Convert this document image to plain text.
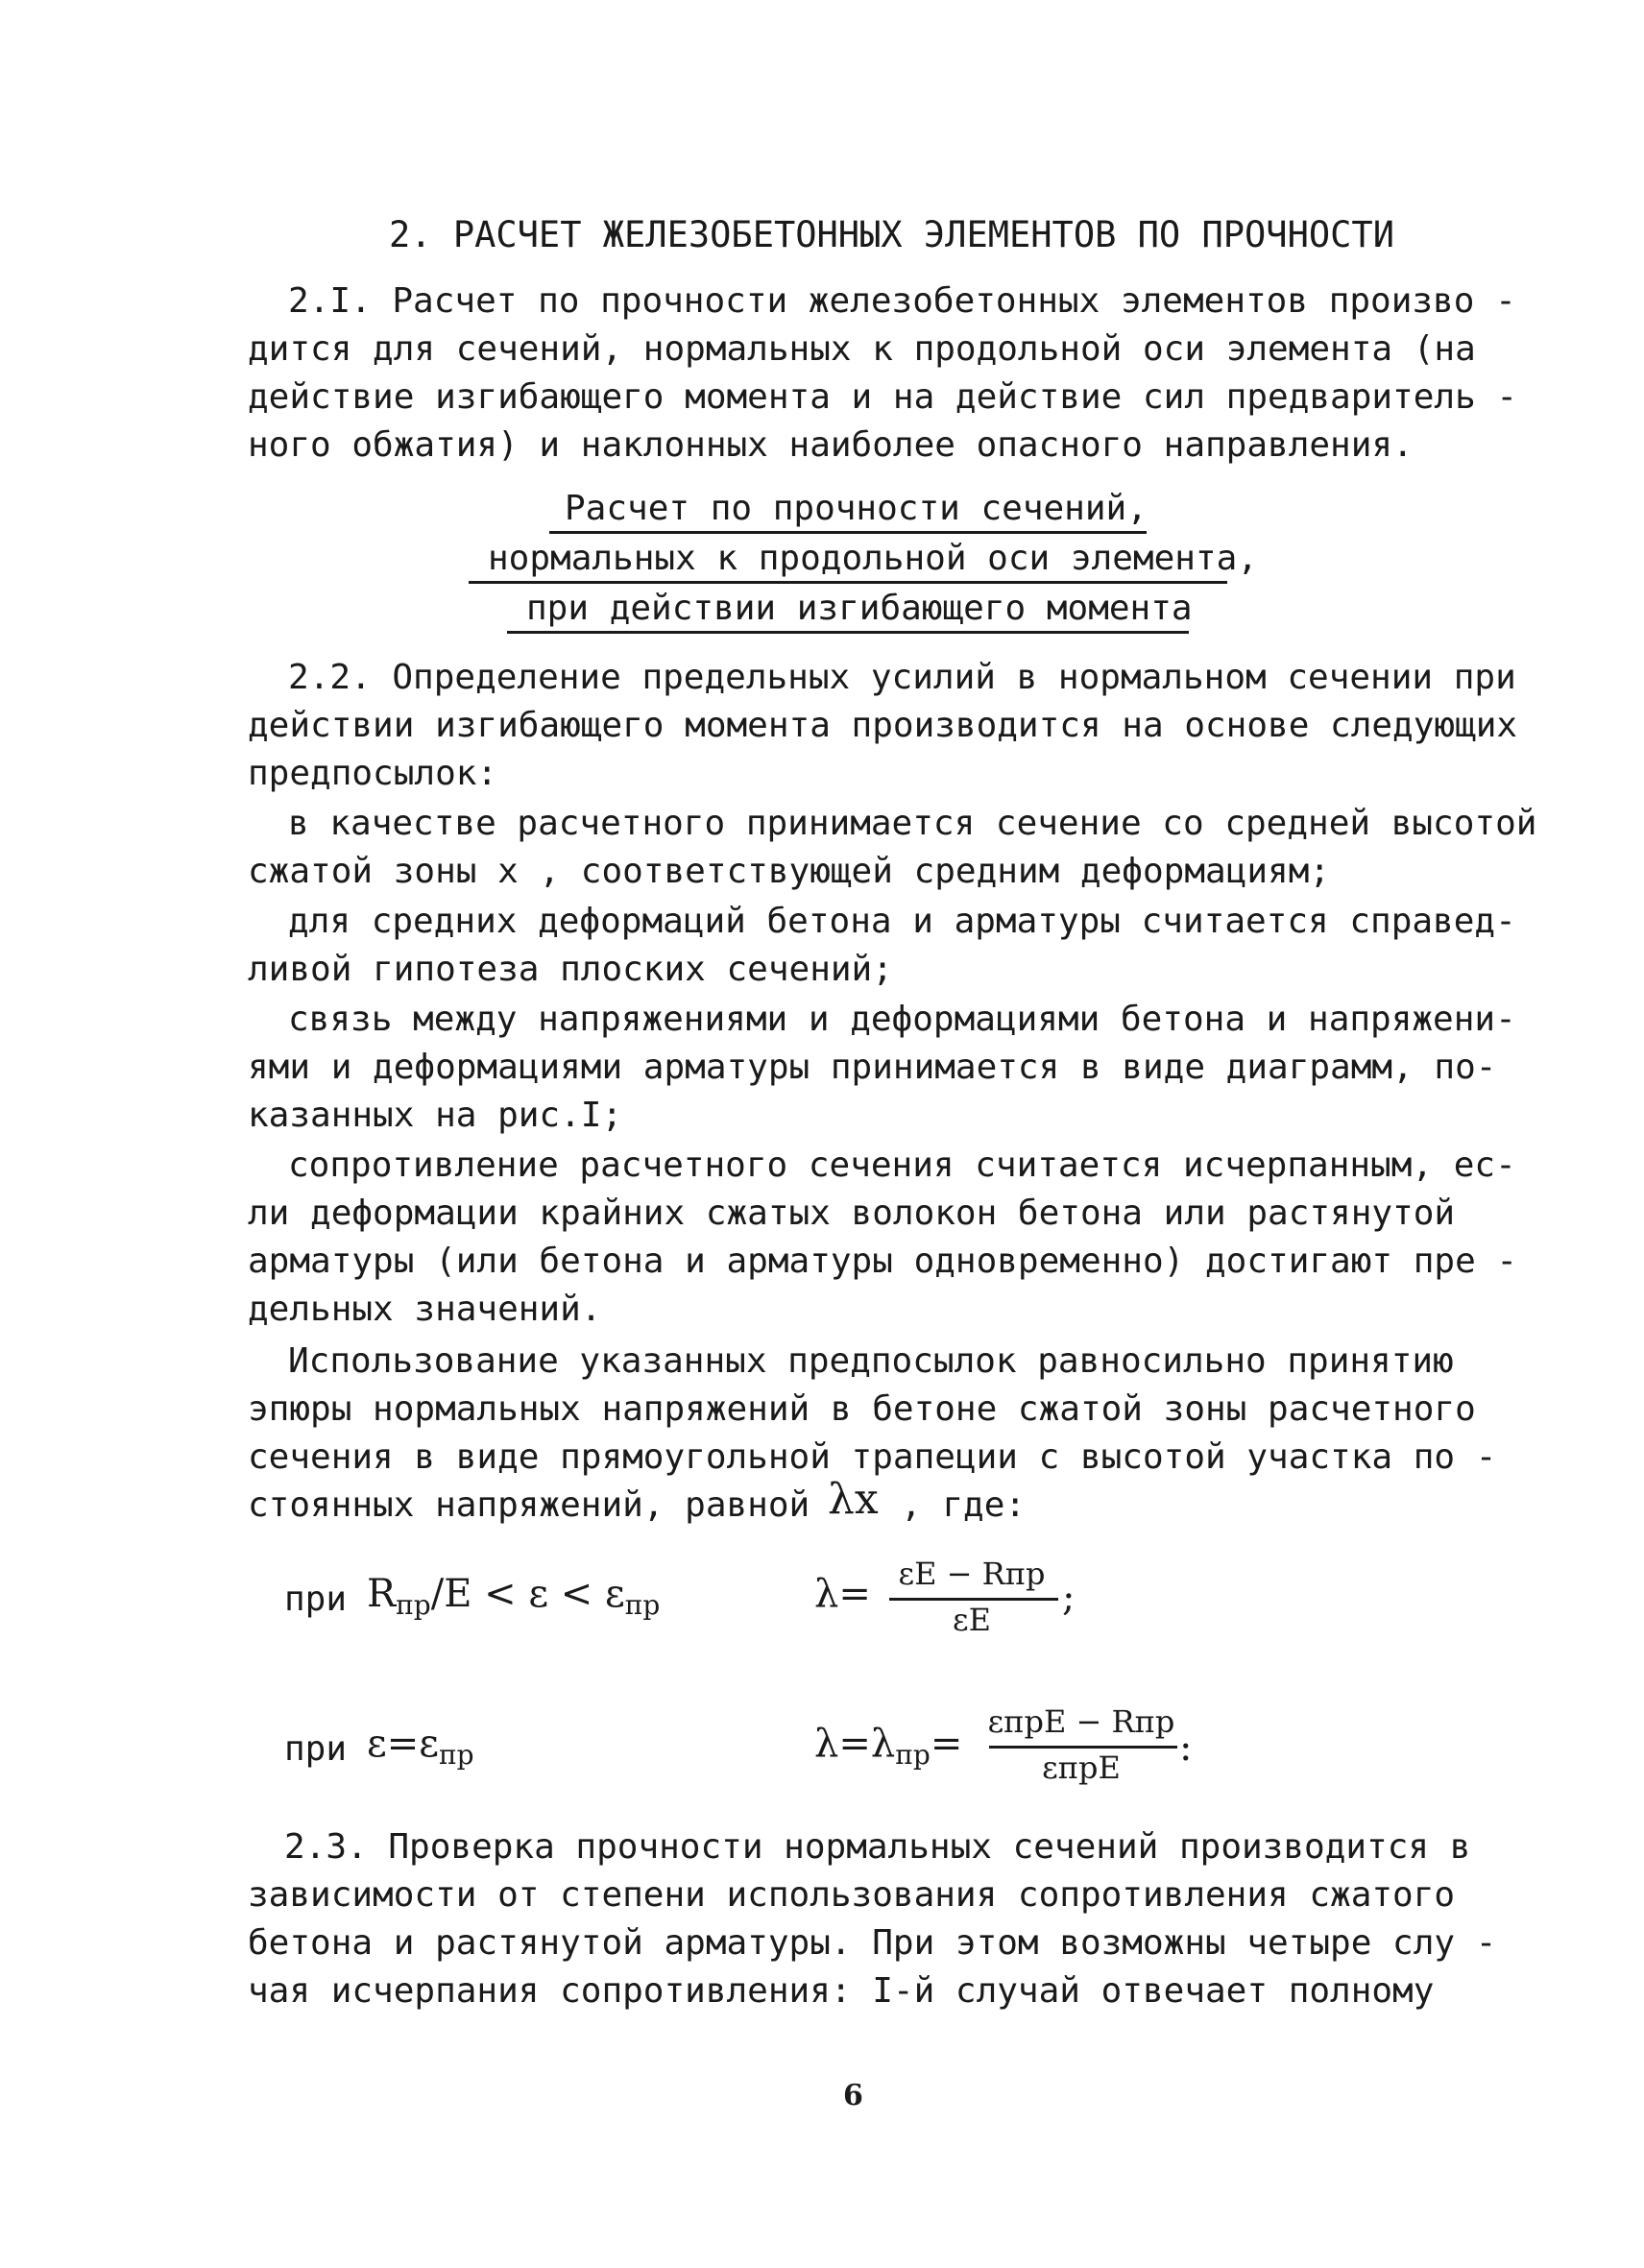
2. РАСЧЕТ ЖЕЛЕЗОБЕТОННЫХ ЭЛЕМЕНТОВ ПО ПРОЧНОСТИ
2.I. Расчет по прочности железобетонных элементов произво -
дится для сечений, нормальных к продольной оси элемента (на
действие изгибающего момента и на действие сил предваритель -
ного обжатия) и наклонных наиболее опасного направления.
Расчет по прочности сечений,
нормальных к продольной оси элемента,
при действии изгибающего момента
2.2. Определение предельных усилий в нормальном сечении при
действии изгибающего момента производится на основе следующих
предпосылок:
в качестве расчетного принимается сечение со средней высотой
сжатой зоны x , соответствующей средним деформациям;
для средних деформаций бетона и арматуры считается справед-
ливой гипотеза плоских сечений;
связь между напряжениями и деформациями бетона и напряжени-
ями и деформациями арматуры принимается в виде диаграмм, по-
казанных на рис.I;
сопротивление расчетного сечения считается исчерпанным, ес-
ли деформации крайних сжатых волокон бетона или растянутой
арматуры (или бетона и арматуры одновременно) достигают пре -
дельных значений.
Использование указанных предпосылок равносильно принятию
эпюры нормальных напряжений в бетоне сжатой зоны расчетного
сечения в виде прямоугольной трапеции с высотой участка по -
стоянных напряжений, равной λx , где:
при $R_{пр}/E < \varepsilon < \varepsilon_{пр}$	λ= εE − Rпр
εE	;
при $\varepsilon=\varepsilon_{пр}$	$\lambda=\lambda_{пр}= \varepsilon прE$ − Rпр
εпрE	:
2.3. Проверка прочности нормальных сечений производится в
зависимости от степени использования сопротивления сжатого
бетона и растянутой арматуры. При этом возможны четыре слу -
чая исчерпания сопротивления: I-й случай отвечает полному
6
